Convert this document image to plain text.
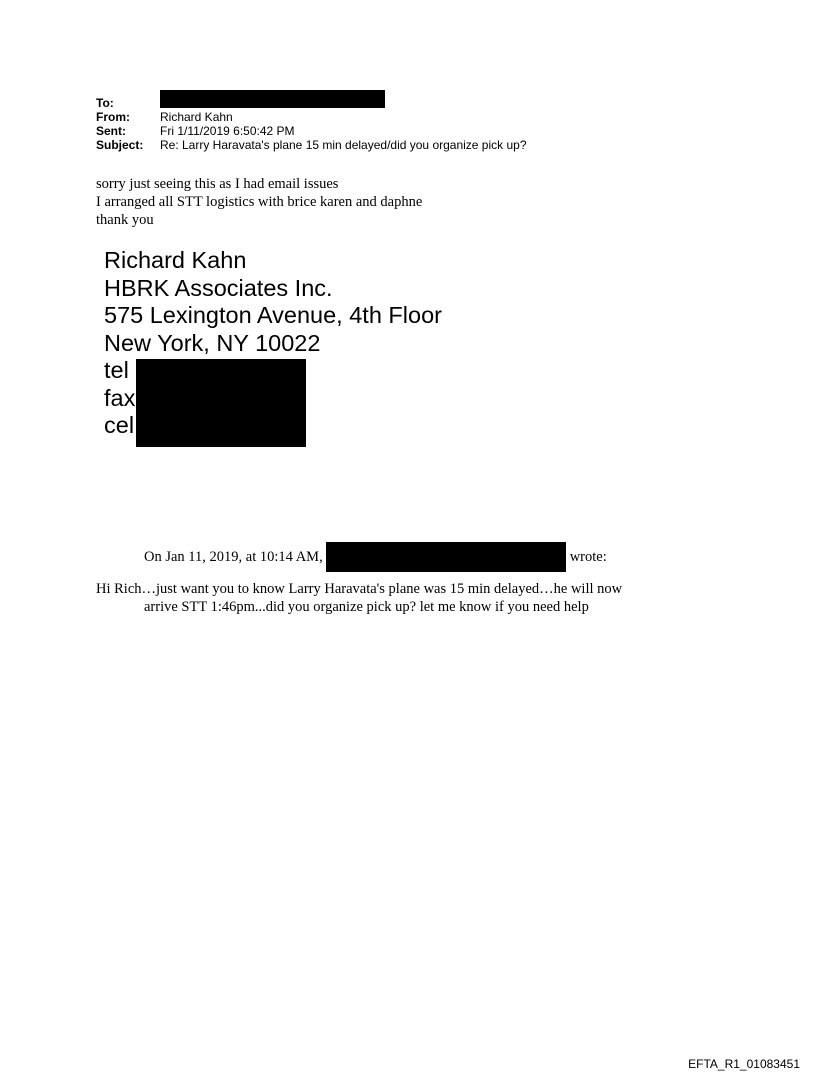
To:
From:	Richard Kahn
Sent:	Fri 1/11/2019 6:50:42 PM
Subject:	Re: Larry Haravata's plane 15 min delayed/did you organize pick up?
sorry just seeing this as I had email issues
I arranged all STT logistics with brice karen and daphne
thank you
Richard Kahn
HBRK Associates Inc.
575 Lexington Avenue, 4th Floor
New York, NY 10022
tel
fax
cel
On Jan 11, 2019, at 10:14 AM,	wrote:
Hi Rich…just want you to know Larry Haravata's plane was 15 min delayed…he will now
arrive STT 1:46pm...did you organize pick up? let me know if you need help
EFTA_R1_01083451
